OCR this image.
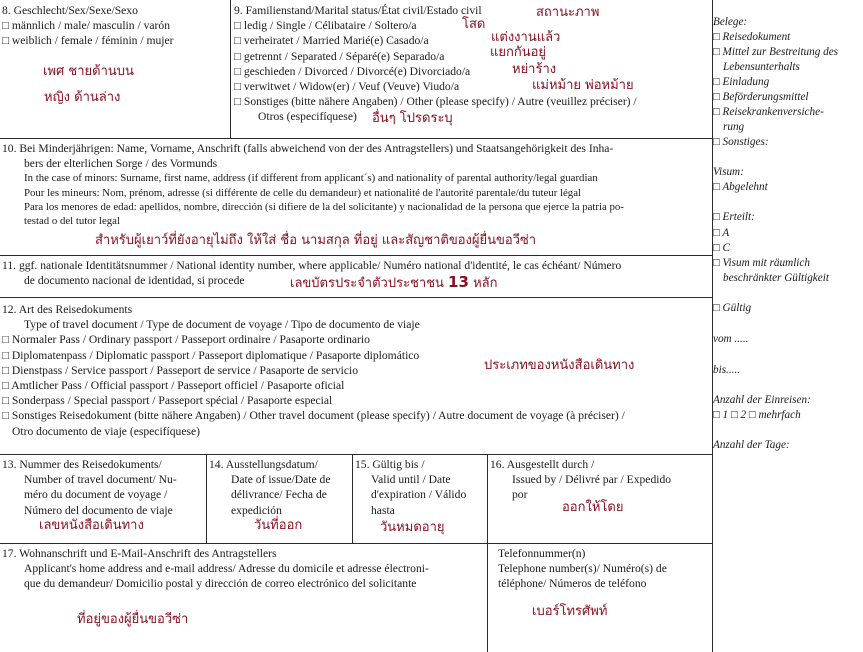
8. Geschlecht/Sex/Sexe/Sexo
□ männlich / male/ masculin / varón
□ weiblich / female / féminin / mujer
เพศ ชายด้านบน
หญิง ด้านล่าง
9. Familienstand/Marital status/État civil/Estado civil
□ ledig / Single / Célibataire / Soltero/a
□ verheiratet / Married Marié(e) Casado/a
□ getrennt / Separated / Séparé(e) Separado/a
□ geschieden / Divorced / Divorcé(e) Divorciado/a
□ verwitwet / Widow(er) / Veuf (Veuve) Viudo/a
□ Sonstiges (bitte nähere Angaben) / Other (please specify) / Autre (veuillez préciser) /
Otros (especifíquese)
สถานะภาพ
โสด
แต่งงานแล้ว
แยกกันอยู่
หย่าร้าง
แม่หม้าย พ่อหม้าย
อื่นๆ โปรดระบุ
10. Bei Minderjährigen: Name, Vorname, Anschrift (falls abweichend von der des Antragstellers) und Staatsangehörigkeit des Inha-
bers der elterlichen Sorge / des Vormunds
In the case of minors: Surname, first name, address (if different from applicant´s) and nationality of parental authority/legal guardian
Pour les mineurs: Nom, prénom, adresse (si différente de celle du demandeur) et nationalité de l'autorité parentale/du tuteur légal
Para los menores de edad: apellidos, nombre, dirección (si difiere de la del solicitante) y nacionalidad de la persona que ejerce la patria po-
testad o del tutor legal
สำหรับผู้เยาว์ที่ยังอายุไม่ถึง ให้ใส่ ชื่อ นามสกุล ที่อยู่ และสัญชาติของผู้ยื่นขอวีซ่า
11. ggf. nationale Identitätsnummer / National identity number, where applicable/ Numéro national d'identité, le cas échéant/ Número
de documento nacional de identidad, si procede	เลขบัตรประจำตัวประชาชน 13 หลัก
12. Art des Reisedokuments
Type of travel document / Type de document de voyage / Tipo de documento de viaje
□ Normaler Pass / Ordinary passport / Passeport ordinaire / Pasaporte ordinario
□ Diplomatenpass / Diplomatic passport / Passeport diplomatique / Pasaporte diplomático
□ Dienstpass / Service passport / Passeport de service / Pasaporte de servicio
□ Amtlicher Pass / Official passport / Passeport officiel / Pasaporte oficial
□ Sonderpass / Special passport / Passeport spécial / Pasaporte especial
□ Sonstiges Reisedokument (bitte nähere Angaben) / Other travel document (please specify) / Autre document de voyage (à préciser) /
Otro documento de viaje (especifíquese)
ประเภทของหนังสือเดินทาง
13. Nummer des Reisedokuments/
Number of travel document/ Nu-
méro du document de voyage /
Número del documento de viaje
เลขหนังสือเดินทาง
14. Ausstellungsdatum/
Date of issue/Date de
délivrance/ Fecha de
expedición
วันที่ออก
15. Gültig bis /
Valid until / Date
d'expiration / Válido
hasta
วันหมดอายุ
16. Ausgestellt durch /
Issued by / Délivré par / Expedido
por
ออกให้โดย
17. Wohnanschrift und E-Mail-Anschrift des Antragstellers
Applicant's home address and e-mail address/ Adresse du domicile et adresse électroni-
que du demandeur/ Domicilio postal y dirección de correo electrónico del solicitante
ที่อยู่ของผู้ยื่นขอวีซ่า
Telefonnummer(n)
Telephone number(s)/ Numéro(s) de
téléphone/ Números de teléfono
เบอร์โทรศัพท์
Belege:
□ Reisedokument
□ Mittel zur Bestreitung des
Lebensunterhalts
□ Einladung
□ Beförderungsmittel
□ Reisekrankenversiche-
rung
□ Sonstiges:
Visum:
□ Abgelehnt
□ Erteilt:
□ A
□ C
□ Visum mit räumlich
beschränkter Gültigkeit
□ Gültig
vom .....
bis.....
Anzahl der Einreisen:
□ 1 □ 2 □ mehrfach
Anzahl der Tage:
